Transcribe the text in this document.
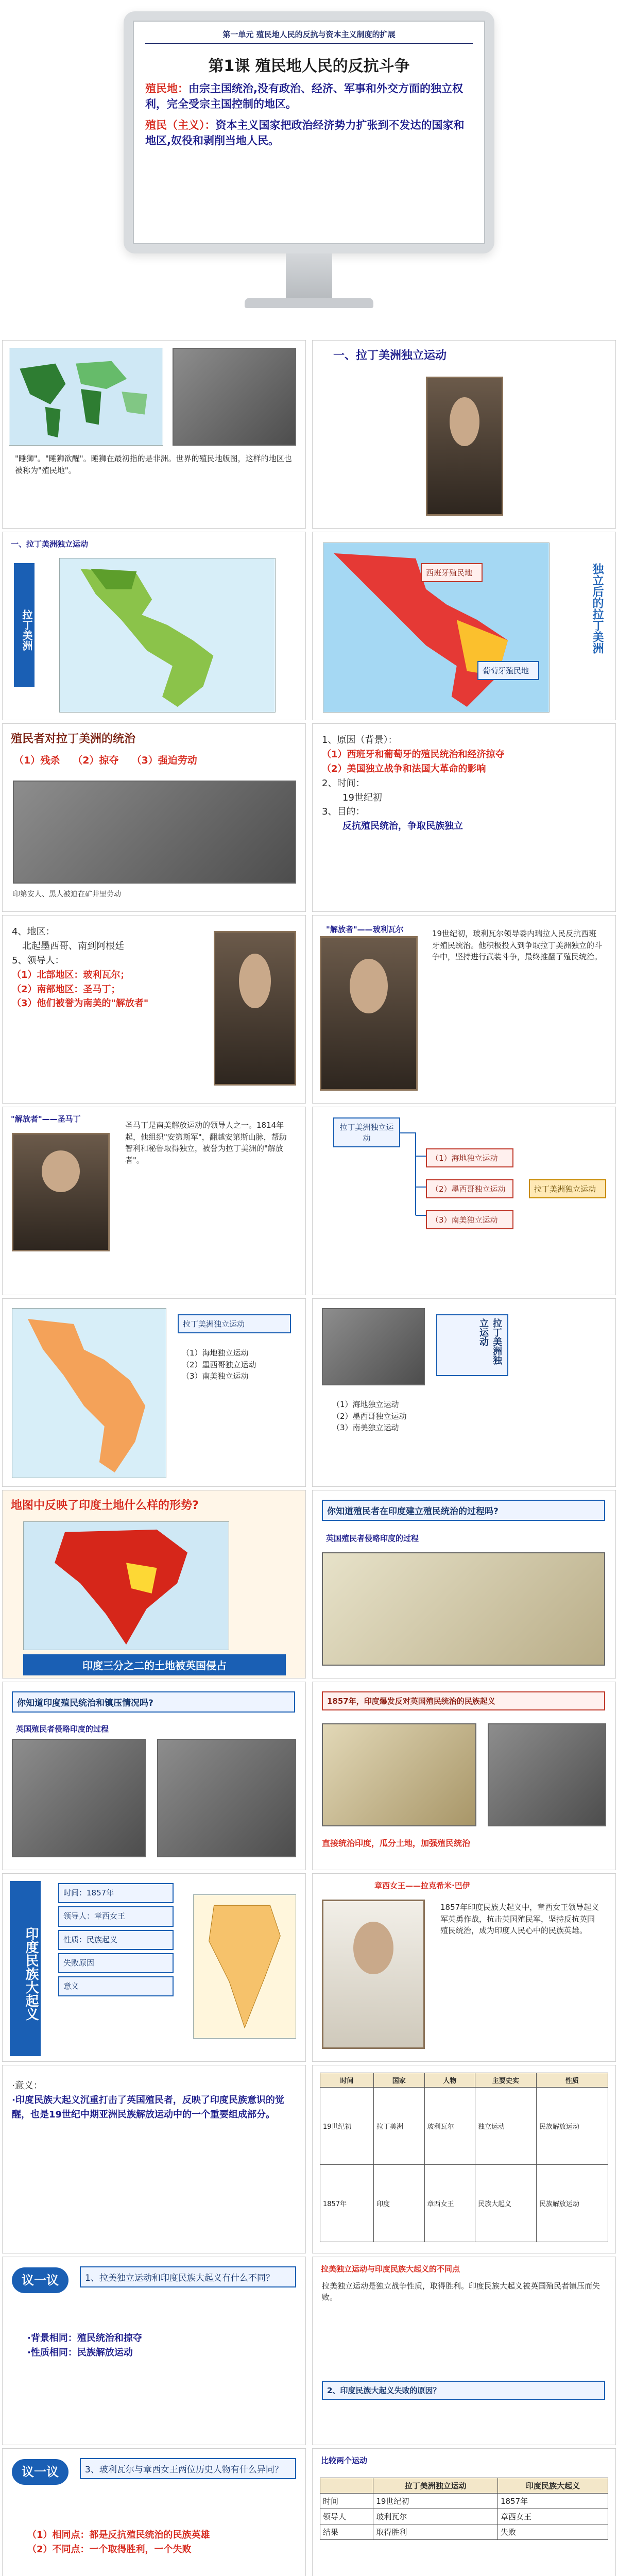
第一单元 殖民地人民的反抗与资本主义制度的扩展
第1课 殖民地人民的反抗斗争

殖民地：由宗主国统治,没有政治、经济、军事和外交方面的独立权利，完全受宗主国控制的地区。

殖民（主义）：资本主义国家把政治经济势力扩张到不发达的国家和地区,奴役和剥削当地人民。

"睡狮"。"睡狮欲醒"。睡狮在最初指的是非洲。世界的殖民地版图，这样的地区也被称为"殖民地"。
一、拉丁美洲独立运动
一、拉丁美洲独立运动
拉丁美洲
西班牙殖民地
葡萄牙殖民地
独立后的拉丁美洲
殖民者对拉丁美洲的统治
（1）残杀　 （2）掠夺　 （3）强迫劳动
印第安人、黑人被迫在矿井里劳动
1、原因（背景）：
（1）西班牙和葡萄牙的殖民统治和经济掠夺
（2）美国独立战争和法国大革命的影响
2、时间：
19世纪初
3、目的：
反抗殖民统治，争取民族独立
4、地区：
北起墨西哥、南到阿根廷
5、领导人：
（1）北部地区：玻利瓦尔；
（2）南部地区：圣马丁；
（3）他们被誉为南美的"解放者"
"解放者"——玻利瓦尔	19世纪初，玻利瓦尔领导委内瑞拉人民反抗西班牙殖民统治。他积极投入到争取拉丁美洲独立的斗争中，坚持进行武装斗争，最终推翻了殖民统治。
"解放者"——圣马丁
圣马丁是南美解放运动的领导人之一。1814年起，他组织"安第斯军"，翻越安第斯山脉，帮助智利和秘鲁取得独立，被誉为拉丁美洲的"解放者"。
拉丁美洲独立运动
（1）海地独立运动
（2）墨西哥独立运动
（3）南美独立运动
拉丁美洲独立运动
拉丁美洲独立运动
（1）海地独立运动
（2）墨西哥独立运动
（3）南美独立运动
拉丁美洲独立运动
（1）海地独立运动
（2）墨西哥独立运动
（3）南美独立运动
地图中反映了印度土地什么样的形势?
印度三分之二的土地被英国侵占
你知道殖民者在印度建立殖民统治的过程吗?
英国殖民者侵略印度的过程
你知道印度殖民统治和镇压情况吗?
英国殖民者侵略印度的过程
1857年，印度爆发反对英国殖民统治的民族起义
直接统治印度，瓜分土地，加强殖民统治
印度民族大起义
时间：1857年
领导人：章西女王
性质：民族起义
失败原因
意义
章西女王——拉克希米·巴伊
1857年印度民族大起义中，章西女王领导起义军英勇作战，抗击英国殖民军，坚持反抗英国殖民统治，成为印度人民心中的民族英雄。
·意义：
·印度民族大起义沉重打击了英国殖民者，反映了印度民族意识的觉醒，也是19世纪中期亚洲民族解放运动中的一个重要组成部分。
时间	国家	人物	主要史实	性质
19世纪初	拉丁美洲	玻利瓦尔	独立运动	民族解放运动
1857年	印度	章西女王	民族大起义	民族解放运动
议一议	1、拉美独立运动和印度民族大起义有什么不同？
·背景相同：殖民统治和掠夺
·性质相同：民族解放运动
拉美独立运动与印度民族大起义的不同点
拉美独立运动是独立战争性质，取得胜利。印度民族大起义被英国殖民者镇压而失败。
2、印度民族大起义失败的原因？
议一议	3、玻利瓦尔与章西女王两位历史人物有什么异同？
（1）相同点：都是反抗殖民统治的民族英雄
（2）不同点：一个取得胜利，一个失败
比较两个运动
	拉丁美洲独立运动	印度民族大起义
时间	19世纪初	1857年
领导人	玻利瓦尔	章西女王
结果	取得胜利	失败
